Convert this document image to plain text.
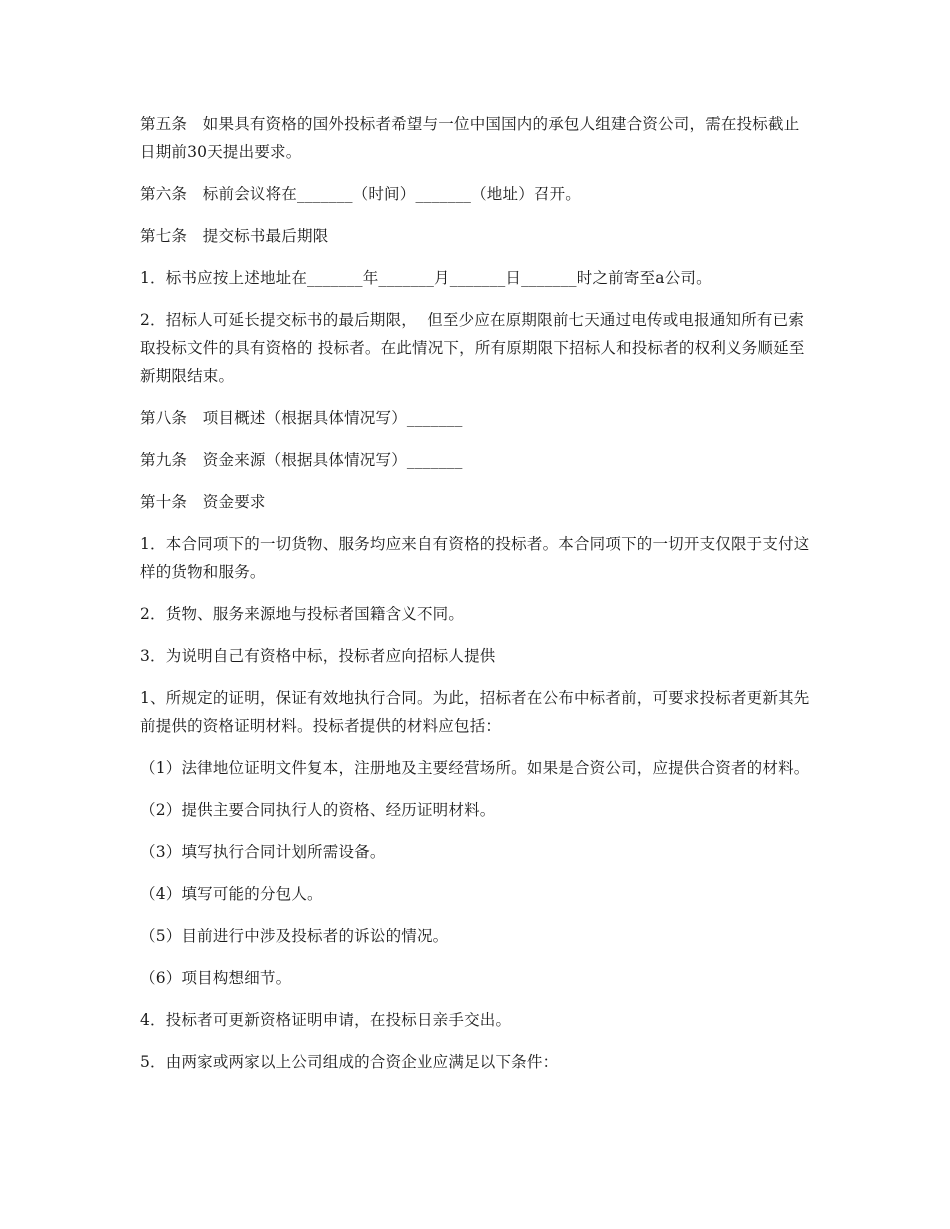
第五条　如果具有资格的国外投标者希望与一位中国国内的承包人组建合资公司，需在投标截止日期前30天提出要求。

第六条　标前会议将在_______（时间）_______（地址）召开。

第七条　提交标书最后期限

1．标书应按上述地址在_______年_______月_______日_______时之前寄至a公司。

2．招标人可延长提交标书的最后期限，  但至少应在原期限前七天通过电传或电报通知所有已索取投标文件的具有资格的 投标者。在此情况下，所有原期限下招标人和投标者的权利义务顺延至新期限结束。

第八条　项目概述（根据具体情况写）_______

第九条　资金来源（根据具体情况写）_______

第十条　资金要求

1．本合同项下的一切货物、服务均应来自有资格的投标者。本合同项下的一切开支仅限于支付这样的货物和服务。

2．货物、服务来源地与投标者国籍含义不同。

3．为说明自己有资格中标，投标者应向招标人提供

1、所规定的证明，保证有效地执行合同。为此，招标者在公布中标者前，可要求投标者更新其先前提供的资格证明材料。投标者提供的材料应包括：

（1）法律地位证明文件复本，注册地及主要经营场所。如果是合资公司，应提供合资者的材料。

（2）提供主要合同执行人的资格、经历证明材料。

（3）填写执行合同计划所需设备。

（4）填写可能的分包人。

（5）目前进行中涉及投标者的诉讼的情况。

（6）项目构想细节。

4．投标者可更新资格证明申请，在投标日亲手交出。

5．由两家或两家以上公司组成的合资企业应满足以下条件：
